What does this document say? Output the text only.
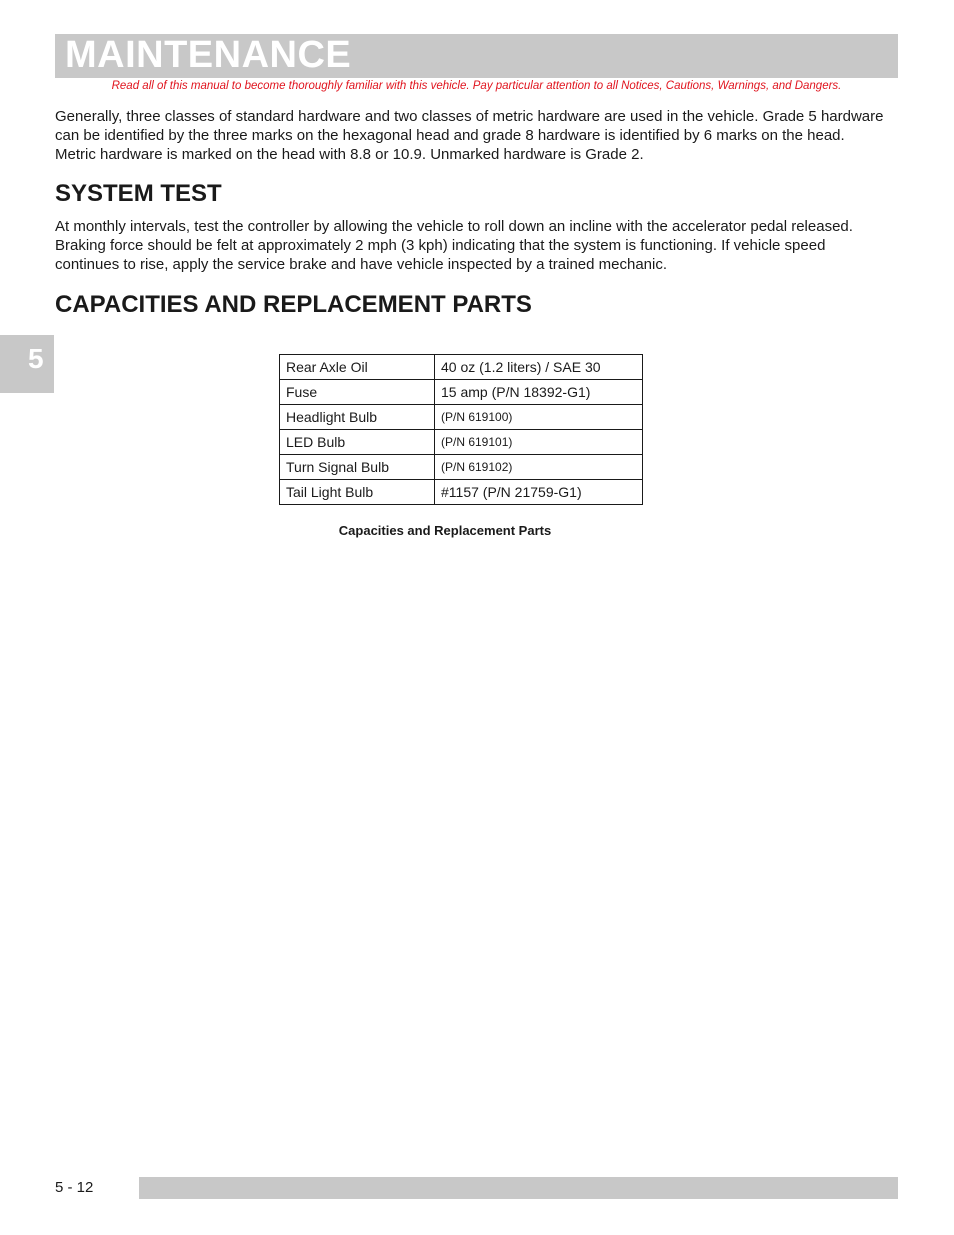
MAINTENANCE
Read all of this manual to become thoroughly familiar with this vehicle. Pay particular attention to all Notices, Cautions, Warnings, and Dangers.

Generally, three classes of standard hardware and two classes of metric hardware are used in the vehicle. Grade 5 hardware can be identified by the three marks on the hexagonal head and grade 8 hardware is identified by 6 marks on the head. Metric hardware is marked on the head with 8.8 or 10.9. Unmarked hardware is Grade 2.

SYSTEM TEST

At monthly intervals, test the controller by allowing the vehicle to roll down an incline with the accelerator pedal released. Braking force should be felt at approximately 2 mph (3 kph) indicating that the system is functioning. If vehicle speed continues to rise, apply the service brake and have vehicle inspected by a trained mechanic.

CAPACITIES AND REPLACEMENT PARTS
5	Rear Axle Oil	40 oz (1.2 liters) / SAE 30
Fuse	15 amp (P/N 18392-G1)
Headlight Bulb	(P/N 619100)
LED Bulb	(P/N 619101)
Turn Signal Bulb	(P/N 619102)
Tail Light Bulb	#1157 (P/N 21759-G1)
Capacities and Replacement Parts
5 - 12
